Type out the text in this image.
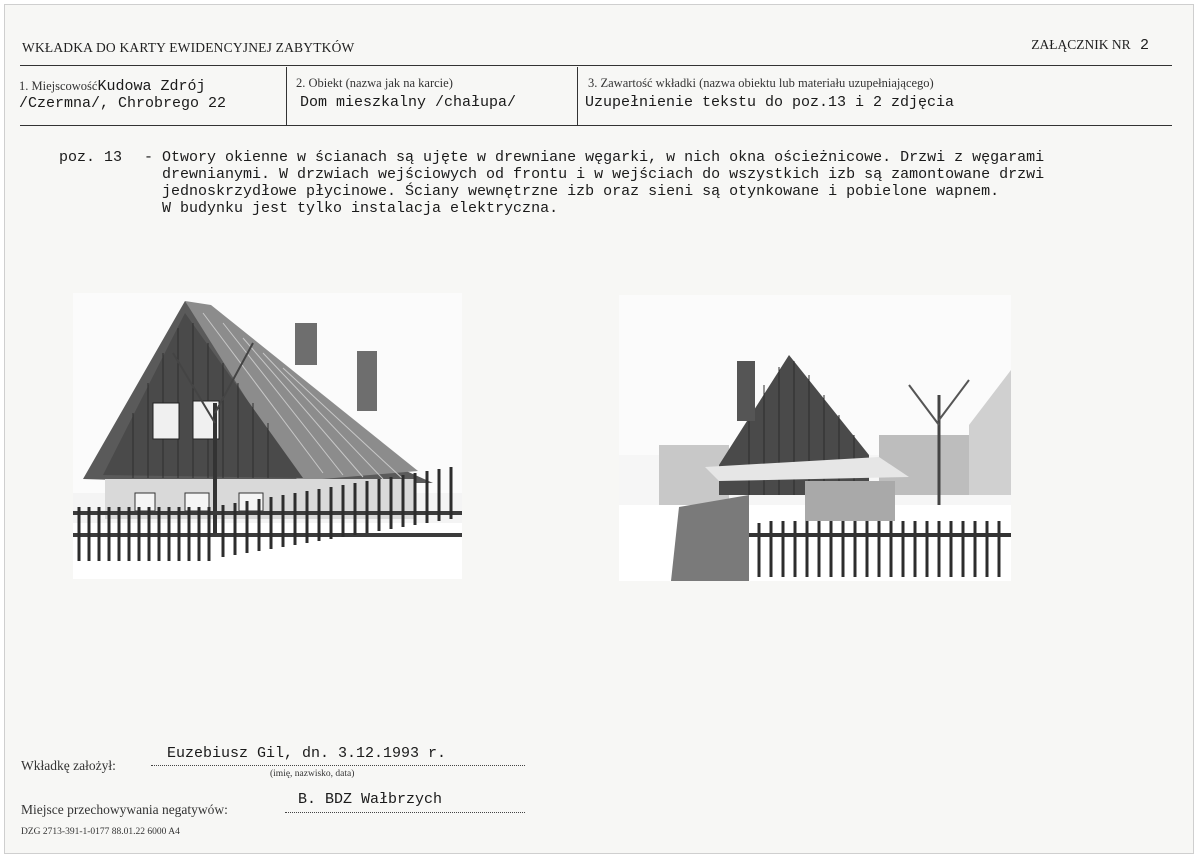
WKŁADKA DO KARTY EWIDENCYJNEJ ZABYTKÓW	ZAŁĄCZNIK NR 2
1. MiejscowośćKudowa Zdrój
/Czermna/, Chrobrego 22
2. Obiekt (nazwa jak na karcie)
Dom mieszkalny /chałupa/
3. Zawartość wkładki (nazwa obiektu lub materiału uzupełniającego)
Uzupełnienie tekstu do poz.13 i 2 zdjęcia
poz. 13	- Otwory okienne w ścianach są ujęte w drewniane węgarki, w nich okna ościeżnicowe. Drzwi z węgarami
drewnianymi. W drzwiach wejściowych od frontu i w wejściach do wszystkich izb są zamontowane drzwi
jednoskrzydłowe płycinowe. Ściany wewnętrzne izb oraz sieni są otynkowane i pobielone wapnem.
W budynku jest tylko instalacja elektryczna.
Wkładkę założył:
Euzebiusz Gil, dn. 3.12.1993 r.
(imię, nazwisko, data)
Miejsce przechowywania negatywów:
B. BDZ Wałbrzych
DZG 2713-391-1-0177 88.01.22 6000 A4
